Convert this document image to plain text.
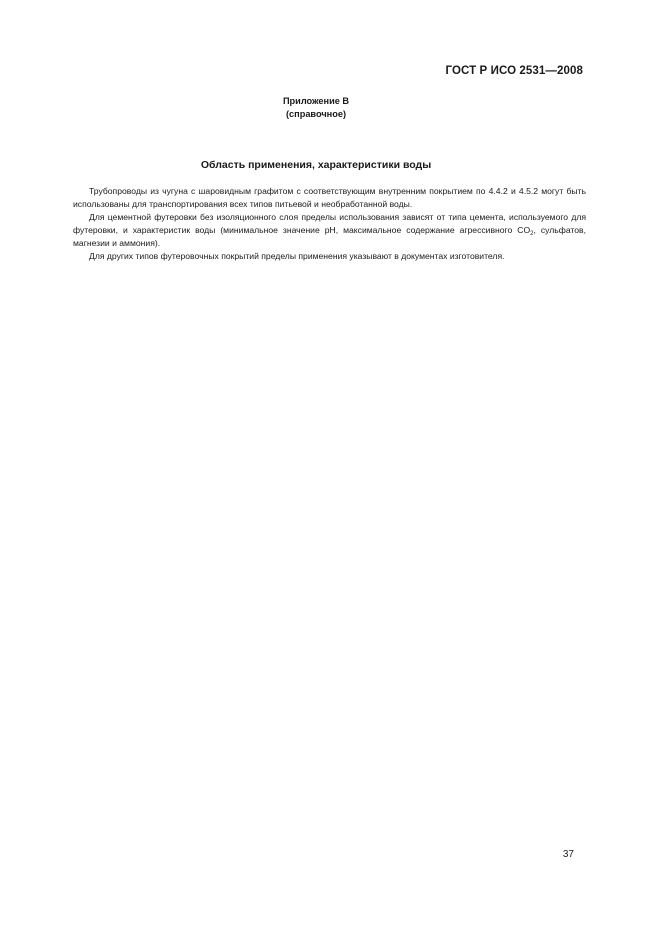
ГОСТ Р ИСО 2531—2008
Приложение В
(справочное)
Область применения, характеристики воды

Трубопроводы из чугуна с шаровидным графитом с соответствующим внутренним покрытием по 4.4.2 и 4.5.2 могут быть использованы для транспортирования всех типов питьевой и необработанной воды.

Для цементной футеровки без изоляционного слоя пределы использования зависят от типа цемента, используемого для футеровки, и характеристик воды (минимальное значение pH, максимальное содержание агрессивного $CO_2$, сульфатов, магнезии и аммония).

Для других типов футеровочных покрытий пределы применения указывают в документах изготовителя.

37
